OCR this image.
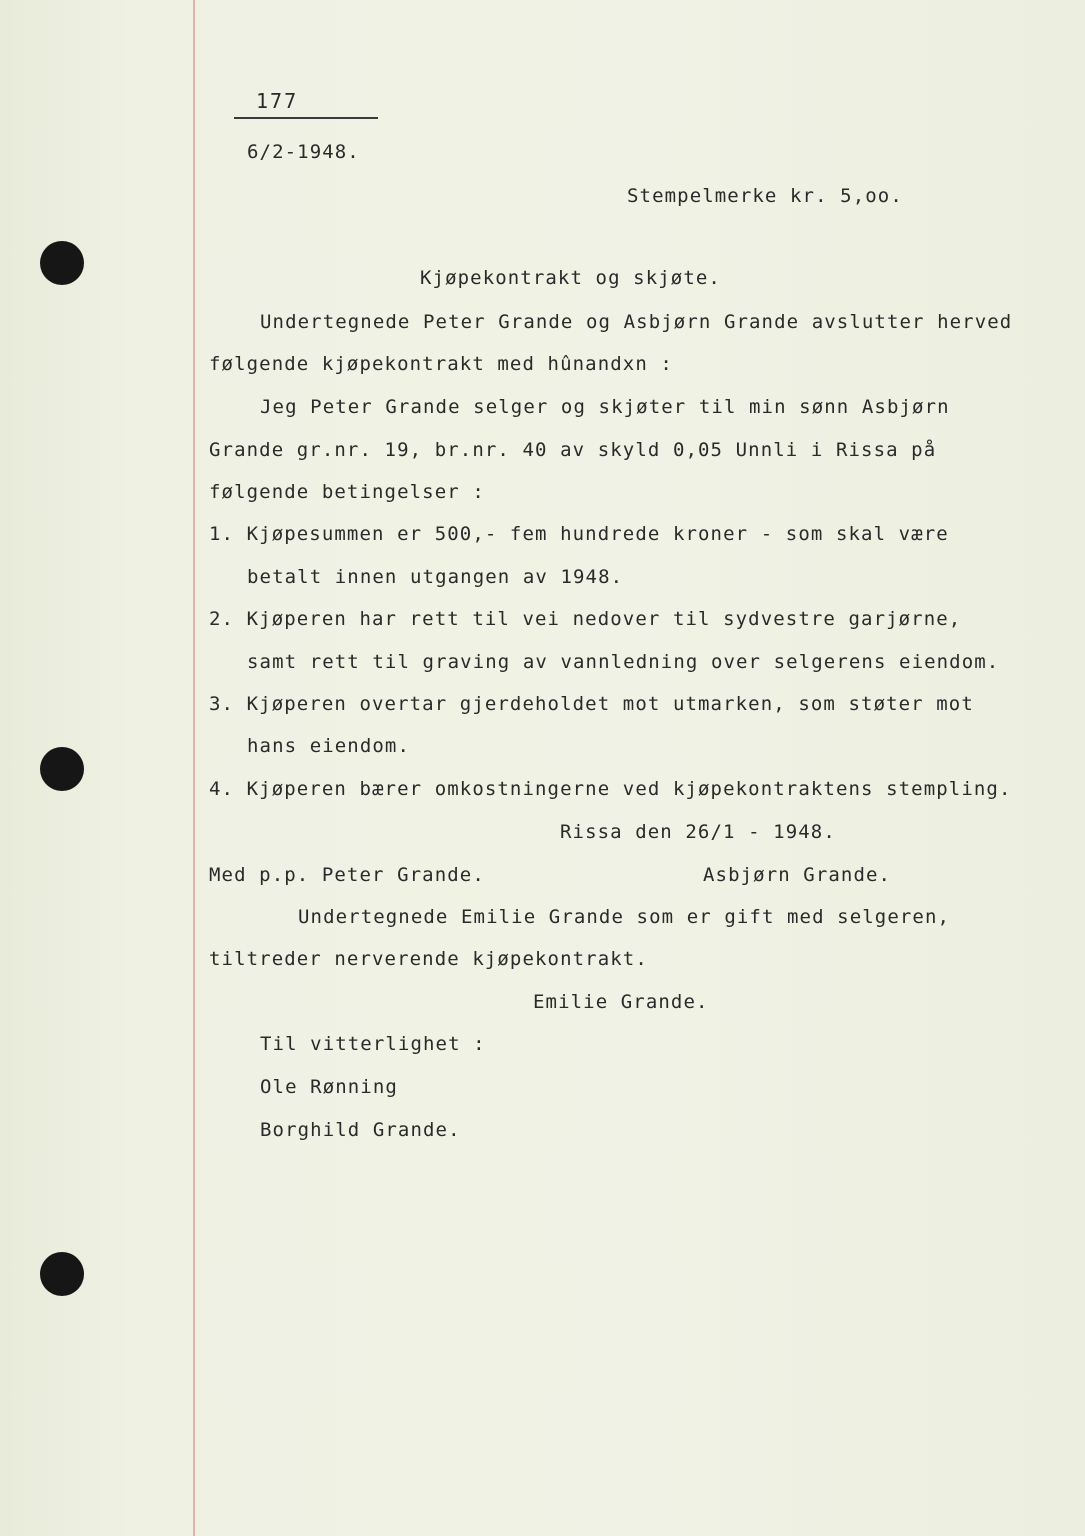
177
6/2-1948.
Stempelmerke kr. 5,oo.
Kjøpekontrakt og skjøte.
Undertegnede Peter Grande og Asbjørn Grande avslutter herved
følgende kjøpekontrakt med hûnandxn :
Jeg Peter Grande selger og skjøter til min sønn Asbjørn
Grande gr.nr. 19, br.nr. 40 av skyld 0,05 Unnli i Rissa på
følgende betingelser :
1. Kjøpesummen er 500,- fem hundrede kroner - som skal være
betalt innen utgangen av 1948.
2. Kjøperen har rett til vei nedover til sydvestre garjørne,
samt rett til graving av vannledning over selgerens eiendom.
3. Kjøperen overtar gjerdeholdet mot utmarken, som støter mot
hans eiendom.
4. Kjøperen bærer omkostningerne ved kjøpekontraktens stempling.
Rissa den 26/1 - 1948.
Med p.p. Peter Grande.	Asbjørn Grande.
Undertegnede Emilie Grande som er gift med selgeren,
tiltreder nerverende kjøpekontrakt.
Emilie Grande.
Til vitterlighet :
Ole Rønning
Borghild Grande.
